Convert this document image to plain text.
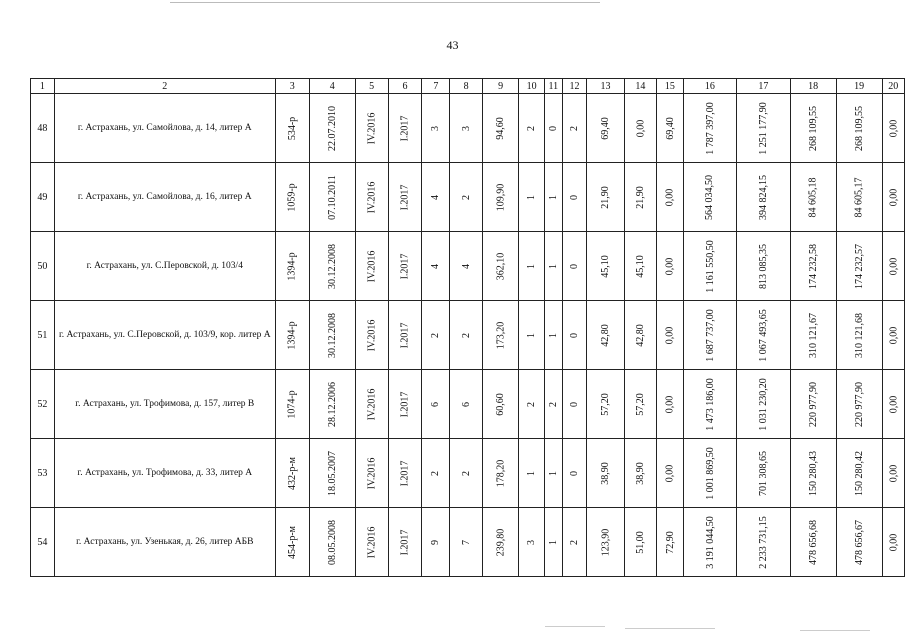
43
1	2	3	4	5	6	7	8	9	10	11	12	13	14	15	16	17	18	19	20
48	г. Астрахань, ул. Самойлова, д. 14, литер А	534-р	22.07.2010	IV.2016	I.2017	3	3	94,60	2	0	2	69,40	0,00	69,40	1 787 397,00	1 251 177,90	268 109,55	268 109,55	0,00
49	г. Астрахань, ул. Самойлова, д. 16, литер А	1059-р	07.10.2011	IV.2016	I.2017	4	2	109,90	1	1	0	21,90	21,90	0,00	564 034,50	394 824,15	84 605,18	84 605,17	0,00
50	г. Астрахань, ул. С.Перовской, д. 103/4	1394-р	30.12.2008	IV.2016	I.2017	4	4	362,10	1	1	0	45,10	45,10	0,00	1 161 550,50	813 085,35	174 232,58	174 232,57	0,00
51	г. Астрахань, ул. С.Перовской, д. 103/9, кор. литер А	1394-р	30.12.2008	IV.2016	I.2017	2	2	173,20	1	1	0	42,80	42,80	0,00	1 687 737,00	1 067 493,65	310 121,67	310 121,68	0,00
52	г. Астрахань, ул. Трофимова, д. 157, литер В	1074-р	28.12.2006	IV.2016	I.2017	6	6	60,60	2	2	0	57,20	57,20	0,00	1 473 186,00	1 031 230,20	220 977,90	220 977,90	0,00
53	г. Астрахань, ул. Трофимова, д. 33, литер А	432-р-м	18.05.2007	IV.2016	I.2017	2	2	178,20	1	1	0	38,90	38,90	0,00	1 001 869,50	701 308,65	150 280,43	150 280,42	0,00
54	г. Астрахань, ул. Узенькая, д. 26, литер АБВ	454-р-м	08.05.2008	IV.2016	I.2017	9	7	239,80	3	1	2	123,90	51,00	72,90	3 191 044,50	2 233 731,15	478 656,68	478 656,67	0,00
